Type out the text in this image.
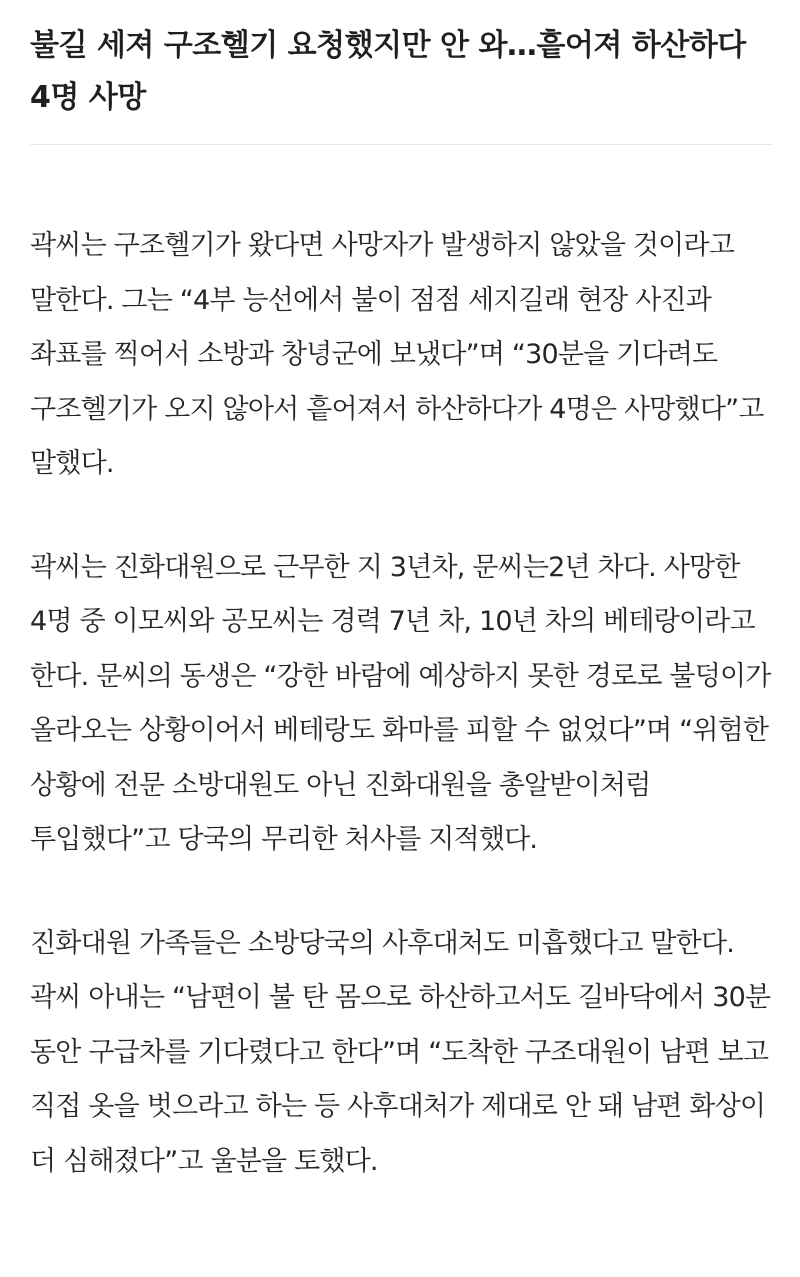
불길 세져 구조헬기 요청했지만 안 와…흩어져 하산하다 4명 사망

곽씨는 구조헬기가 왔다면 사망자가 발생하지 않았을 것이라고 말한다. 그는 “4부 능선에서 불이 점점 세지길래 현장 사진과 좌표를 찍어서 소방과 창녕군에 보냈다”며 “30분을 기다려도 구조헬기가 오지 않아서 흩어져서 하산하다가 4명은 사망했다”고 말했다.

곽씨는 진화대원으로 근무한 지 3년차, 문씨는2년 차다. 사망한 4명 중 이모씨와 공모씨는 경력 7년 차, 10년 차의 베테랑이라고 한다. 문씨의 동생은 “강한 바람에 예상하지 못한 경로로 불덩이가 올라오는 상황이어서 베테랑도 화마를 피할 수 없었다”며 “위험한 상황에 전문 소방대원도 아닌 진화대원을 총알받이처럼 투입했다”고 당국의 무리한 처사를 지적했다.

진화대원 가족들은 소방당국의 사후대처도 미흡했다고 말한다. 곽씨 아내는 “남편이 불 탄 몸으로 하산하고서도 길바닥에서 30분 동안 구급차를 기다렸다고 한다”며 “도착한 구조대원이 남편 보고 직접 옷을 벗으라고 하는 등 사후대처가 제대로 안 돼 남편 화상이 더 심해졌다”고 울분을 토했다.
